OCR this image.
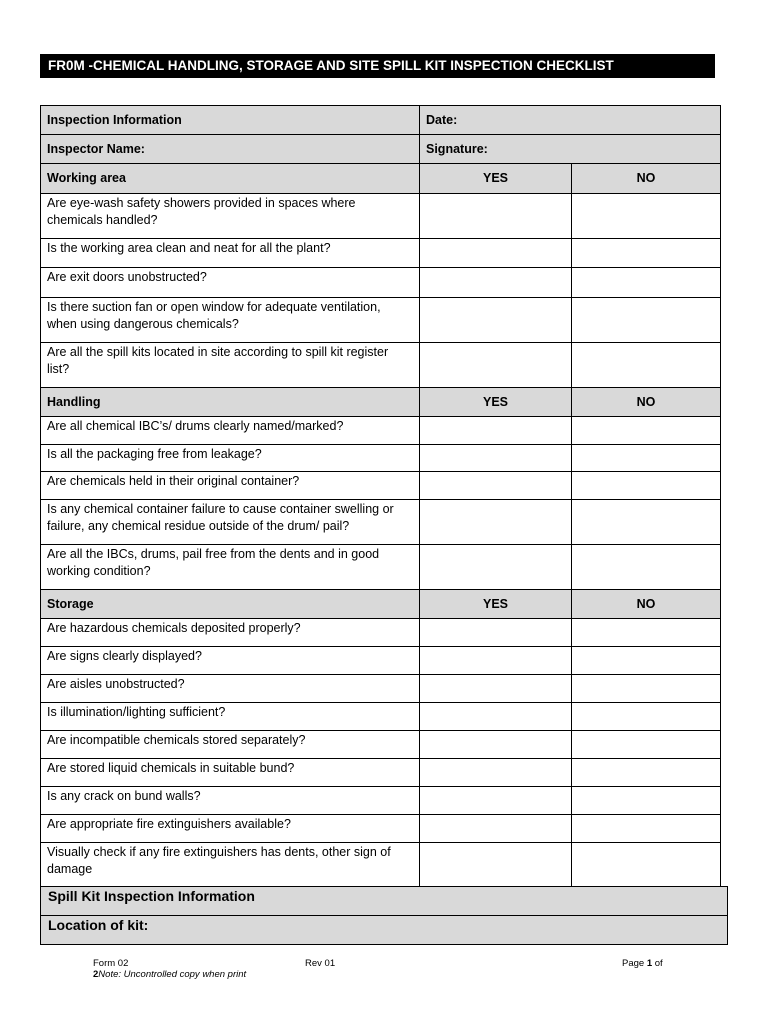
FR0M -CHEMICAL HANDLING, STORAGE AND SITE SPILL KIT INSPECTION CHECKLIST
Inspection Information	Date:	
Inspector Name:	Signature:	
Working area	YES	NO
Are eye-wash safety showers provided in spaces where chemicals handled?		
Is the working area clean and neat for all the plant?		
Are exit doors unobstructed?		
Is there suction fan or open window for adequate ventilation, when using dangerous chemicals?		
Are all the spill kits located in site according to spill kit register list?		
Handling	YES	NO
Are all chemical IBC’s/ drums clearly named/marked?		
Is all the packaging free from leakage?		
Are chemicals held in their original container?		
Is any chemical container failure to cause container swelling or failure, any chemical residue outside of the drum/ pail?		
Are all the IBCs, drums, pail free from the dents and in good working condition?		
Storage	YES	NO
Are hazardous chemicals deposited properly?		
Are signs clearly displayed?		
Are aisles unobstructed?		
Is illumination/lighting sufficient?		
Are incompatible chemicals stored separately?		
Are stored liquid chemicals in suitable bund?		
Is any crack on bund walls?		
Are appropriate fire extinguishers available?		
Visually check if any fire extinguishers has dents, other sign of damage		
Spill Kit Inspection Information
Location of kit:
Form 02	Rev 01	Page 1 of
2Note: Uncontrolled copy when print
